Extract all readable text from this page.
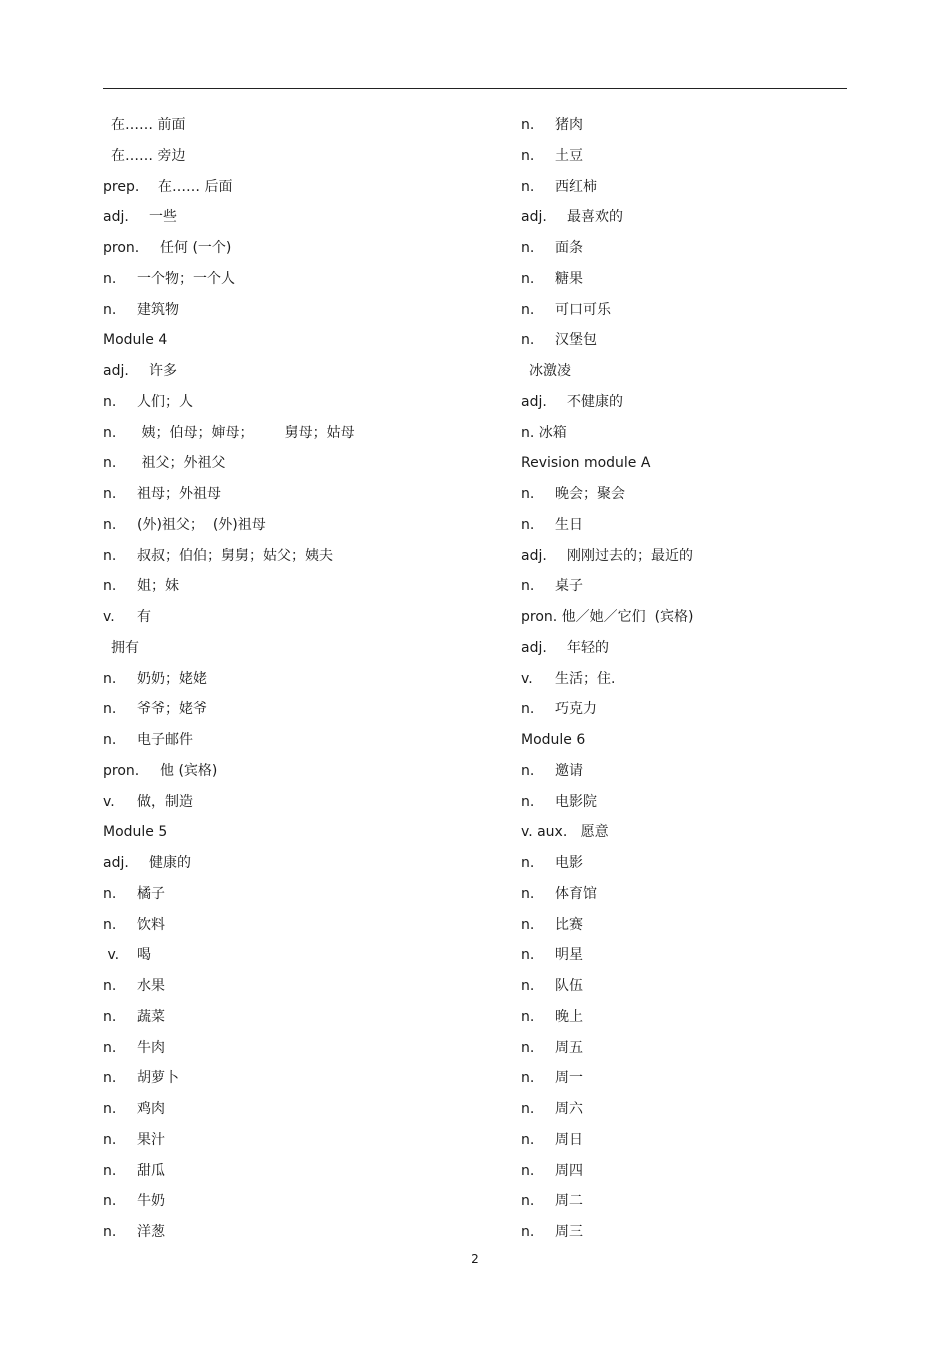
在…… 前面
在…… 旁边
prep. 在…… 后面
adj. 一些
pron. 任何 (一个)
n. 一个物；一个人
n. 建筑物
Module 4
adj. 许多
n. 人们；人
n. 姨；伯母；婶母；       舅母；姑母
n. 祖父；外祖父
n. 祖母；外祖母
n. (外)祖父；  (外)祖母
n. 叔叔；伯伯；舅舅；姑父；姨夫
n. 姐；妹
v. 有
拥有
n. 奶奶；姥姥
n. 爷爷；姥爷
n. 电子邮件
pron. 他 (宾格)
v. 做，制造
Module 5
adj. 健康的
n. 橘子
n. 饮料
v. 喝
n. 水果
n. 蔬菜
n. 牛肉
n. 胡萝卜
n. 鸡肉
n. 果汁
n. 甜瓜
n. 牛奶
n. 洋葱
n. 猪肉
n. 土豆
n. 西红柿
adj. 最喜欢的
n. 面条
n. 糖果
n. 可口可乐
n. 汉堡包
冰激凌
adj. 不健康的
n. 冰箱
Revision module A
n. 晚会；聚会
n. 生日
adj. 刚刚过去的；最近的
n. 桌子
pron. 他／她／它们  (宾格)
adj. 年轻的
v. 生活；住.
n. 巧克力
Module 6
n. 邀请
n. 电影院
v. aux.   愿意
n. 电影
n. 体育馆
n. 比赛
n. 明星
n. 队伍
n. 晚上
n. 周五
n. 周一
n. 周六
n. 周日
n. 周四
n. 周二
n. 周三
2
